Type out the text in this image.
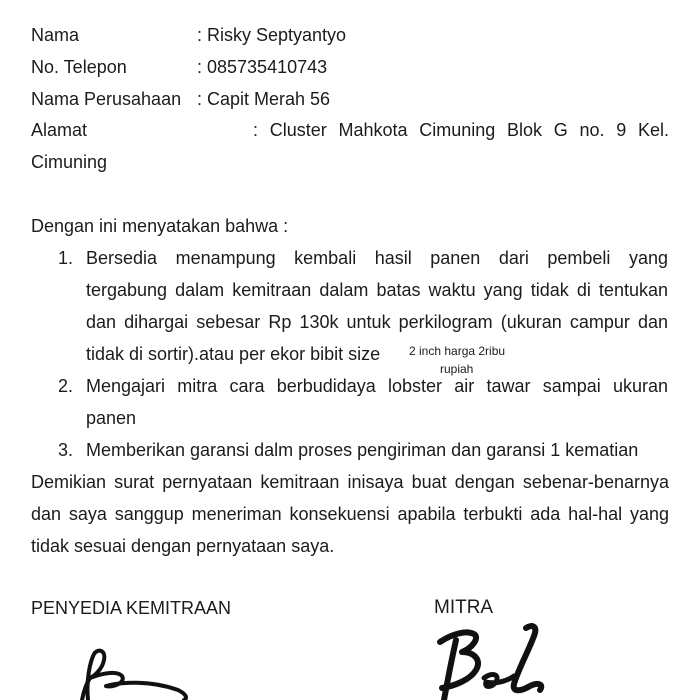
Nama	: Risky Septyantyo
No. Telepon	: 085735410743
Nama Perusahaan : Capit Merah 56
Alamat	: Cluster Mahkota Cimuning Blok G no. 9 Kel.
Cimuning
Dengan ini menyatakan bahwa :
1. Bersedia menampung kembali hasil panen dari pembeli yang
tergabung dalam kemitraan dalam batas waktu yang tidak di tentukan
dan dihargai sebesar Rp 130k untuk perkilogram (ukuran campur dan
tidak di sortir).atau per ekor bibit size 2 inch harga 2ribu
rupiah
2. Mengajari mitra cara berbudidaya lobster air tawar sampai ukuran
panen
3. Memberikan garansi dalm proses pengiriman dan garansi 1 kematian
Demikian surat pernyataan kemitraan inisaya buat dengan sebenar-benarnya
dan saya sanggup meneriman konsekuensi apabila terbukti ada hal-hal yang
tidak sesuai dengan pernyataan saya.
PENYEDIA KEMITRAAN	MITRA
